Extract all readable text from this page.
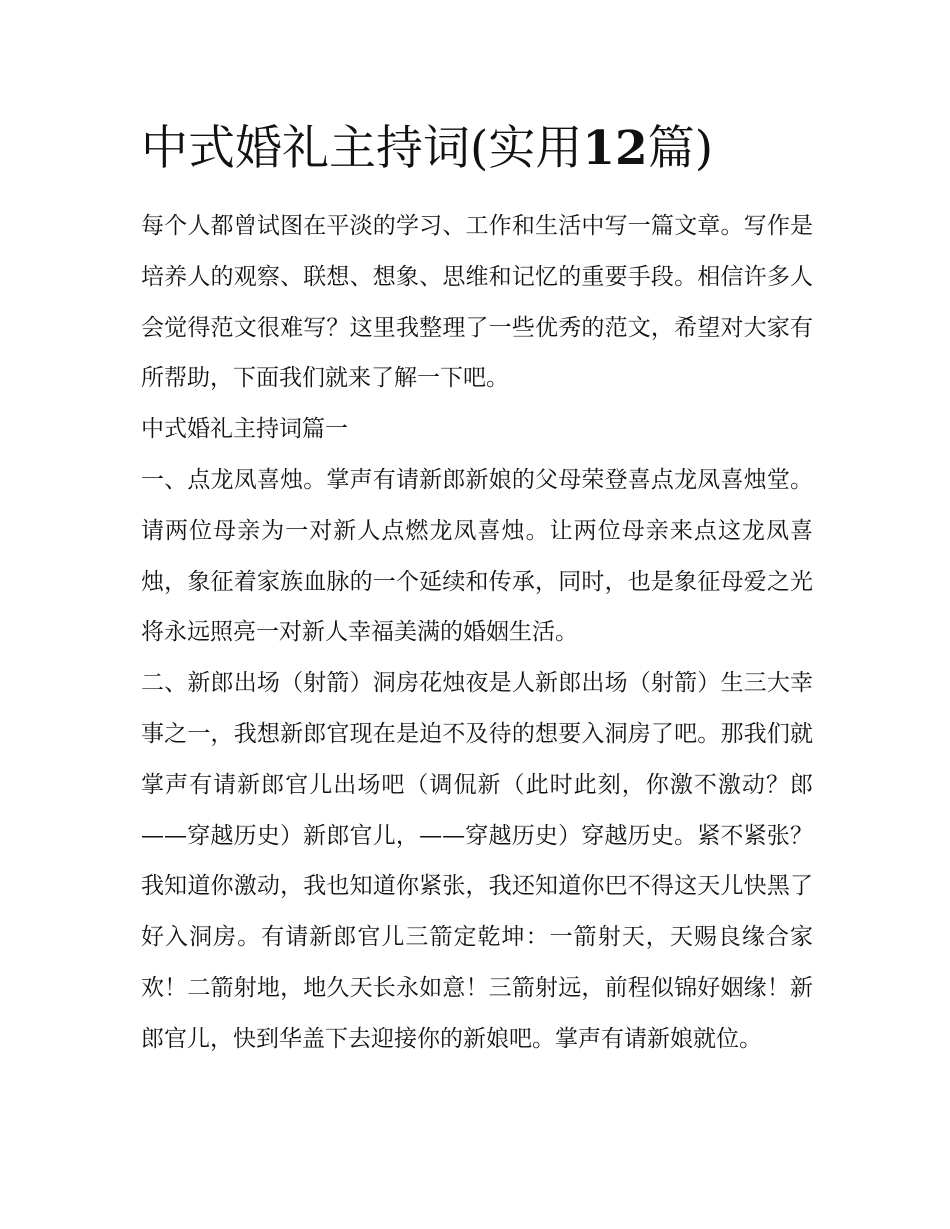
中式婚礼主持词(实用12篇)

每个人都曾试图在平淡的学习、工作和生活中写一篇文章。写作是培养人的观察、联想、想象、思维和记忆的重要手段。相信许多人会觉得范文很难写？这里我整理了一些优秀的范文，希望对大家有所帮助，下面我们就来了解一下吧。

中式婚礼主持词篇一

一、点龙凤喜烛。掌声有请新郎新娘的父母荣登喜点龙凤喜烛堂。请两位母亲为一对新人点燃龙凤喜烛。让两位母亲来点这龙凤喜烛，象征着家族血脉的一个延续和传承，同时，也是象征母爱之光将永远照亮一对新人幸福美满的婚姻生活。

二、新郎出场（射箭）洞房花烛夜是人新郎出场（射箭）生三大幸事之一，我想新郎官现在是迫不及待的想要入洞房了吧。那我们就掌声有请新郎官儿出场吧（调侃新（此时此刻，你激不激动？郎——穿越历史）新郎官儿，——穿越历史）穿越历史。紧不紧张？我知道你激动，我也知道你紧张，我还知道你巴不得这天儿快黑了好入洞房。有请新郎官儿三箭定乾坤：一箭射天，天赐良缘合家欢！二箭射地，地久天长永如意！三箭射远，前程似锦好姻缘！新郎官儿，快到华盖下去迎接你的新娘吧。掌声有请新娘就位。
